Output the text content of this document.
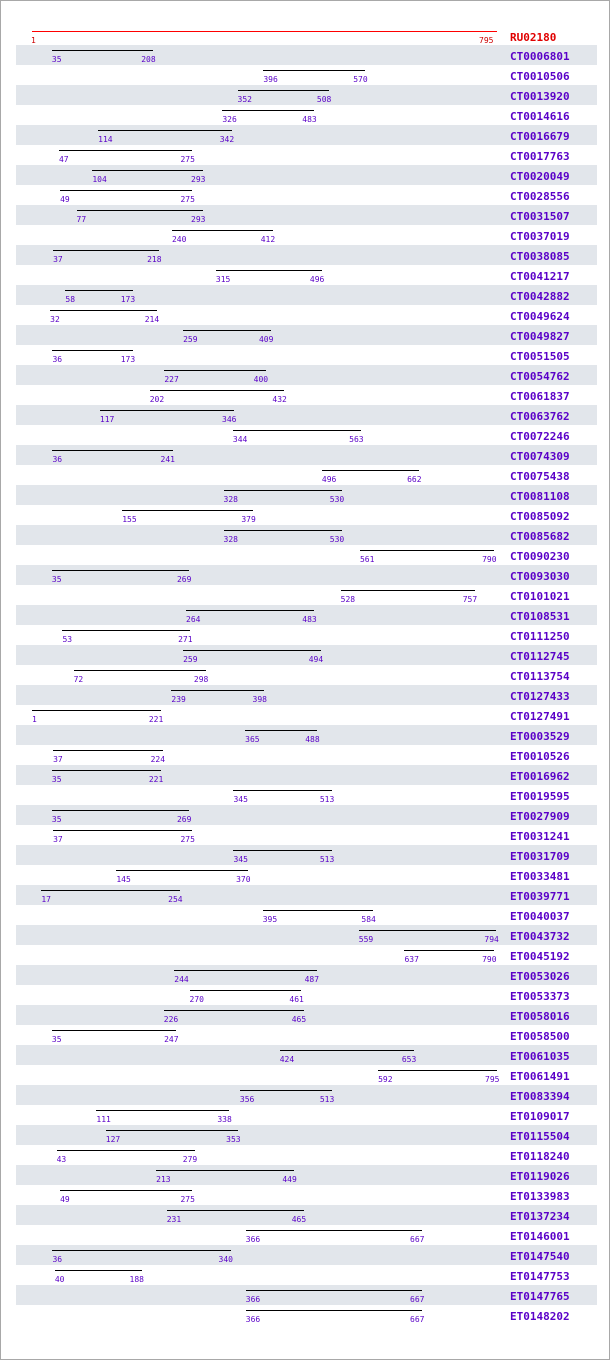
1	795 RU02180
35	208	CT0006801
396	570	CT0010506
352	508	CT0013920
326	483	CT0014616
114	342	CT0016679
47	275	CT0017763
104	293	CT0020049
49	275	CT0028556
77	293	CT0031507
240	412	CT0037019
37	218	CT0038085
315	496	CT0041217
58	173	CT0042882
32	214	CT0049624
259	409	CT0049827
36	173	CT0051505
227	400	CT0054762
202	432	CT0061837
117	346	CT0063762
344	563	CT0072246
36	241	CT0074309
496	662	CT0075438
328	530	CT0081108
155	379	CT0085092
328	530	CT0085682
561	790 CT0090230
35	269	CT0093030
528	757	CT0101021
264	483	CT0108531
53	271	CT0111250
259	494	CT0112745
72	298	CT0113754
239	398	CT0127433
1	221	CT0127491
365	488	ET0003529
37	224	ET0010526
35	221	ET0016962
345	513	ET0019595
35	269	ET0027909
37	275	ET0031241
345	513	ET0031709
145	370	ET0033481
17	254	ET0039771
395	584	ET0040037
559	794 ET0043732
637	790 ET0045192
244	487	ET0053026
270	461	ET0053373
226	465	ET0058016
35	247	ET0058500
424	653	ET0061035
592	795 ET0061491
356	513	ET0083394
111	338	ET0109017
127	353	ET0115504
43	279	ET0118240
213	449	ET0119026
49	275	ET0133983
231	465	ET0137234
366	667	ET0146001
36	340	ET0147540
40	188	ET0147753
366	667	ET0147765
366	667	ET0148202
